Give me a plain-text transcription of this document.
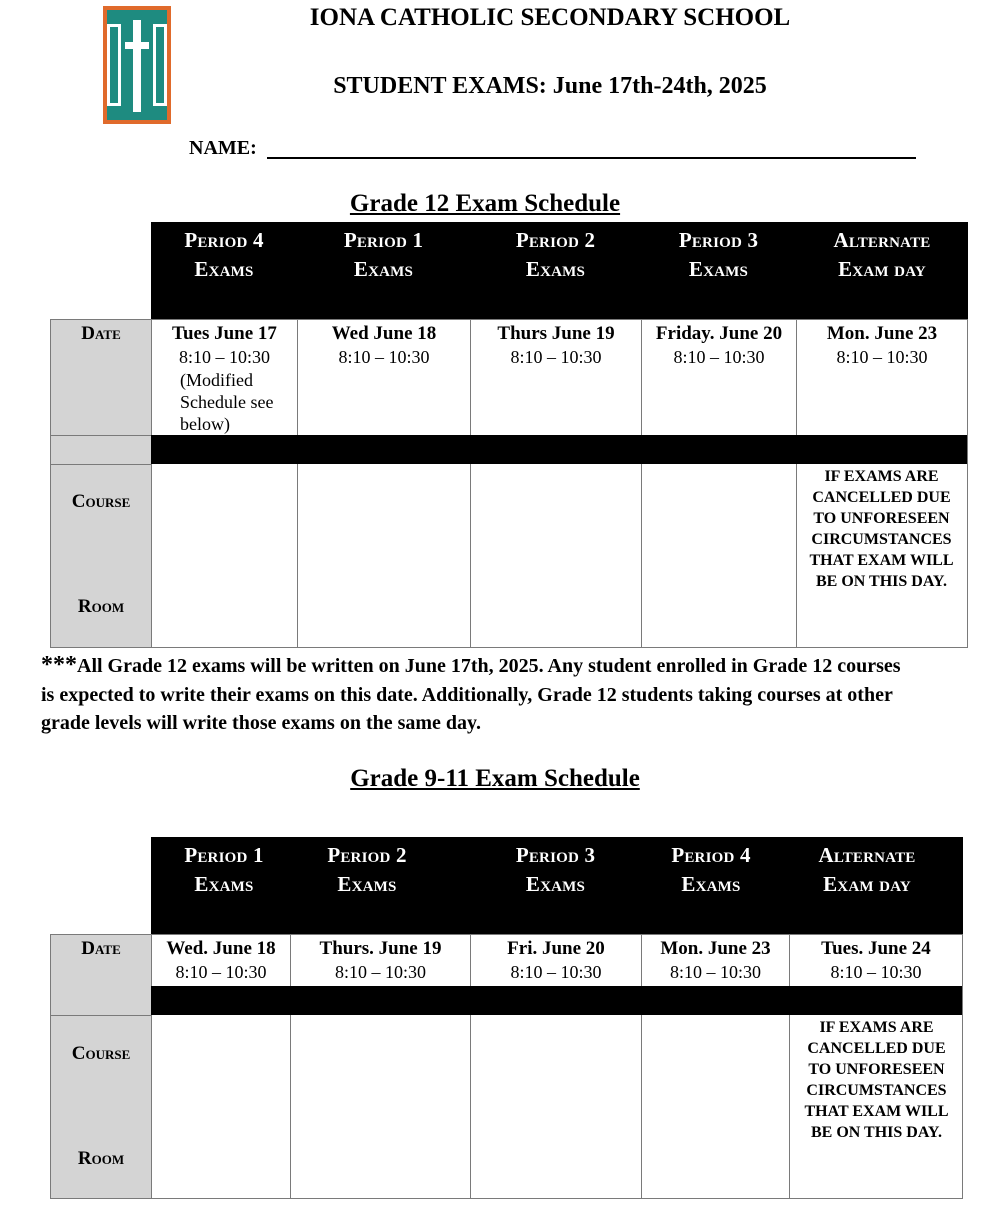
IONA CATHOLIC SECONDARY SCHOOL
STUDENT EXAMS: June 17th-24th, 2025
NAME:
Grade 12 Exam Schedule
Period 4
Exams
Period 1
Exams
Period 2
Exams
Period 3
Exams
Alternate
Exam day
Date
Course
Room
Tues June 17
8:10 – 10:30
(Modified Schedule see below)
Wed June 18
8:10 – 10:30
Thurs June 19
8:10 – 10:30
Friday. June 20
8:10 – 10:30
Mon. June 23
8:10 – 10:30
IF EXAMS ARE CANCELLED DUE TO UNFORESEEN CIRCUMSTANCES THAT EXAM WILL BE ON THIS DAY.
***All Grade 12 exams will be written on June 17th, 2025. Any student enrolled in Grade 12 courses is expected to write their exams on this date. Additionally, Grade 12 students taking courses at other grade levels will write those exams on the same day.
Grade 9-11 Exam Schedule
Period 1
Exams
Period 2
Exams
Period 3
Exams
Period 4
Exams
Alternate
Exam day
Date
Course
Room
Wed. June 18
8:10 – 10:30
Thurs. June 19
8:10 – 10:30
Fri. June 20
8:10 – 10:30
Mon. June 23
8:10 – 10:30
Tues. June 24
8:10 – 10:30
IF EXAMS ARE CANCELLED DUE TO UNFORESEEN CIRCUMSTANCES THAT EXAM WILL BE ON THIS DAY.
